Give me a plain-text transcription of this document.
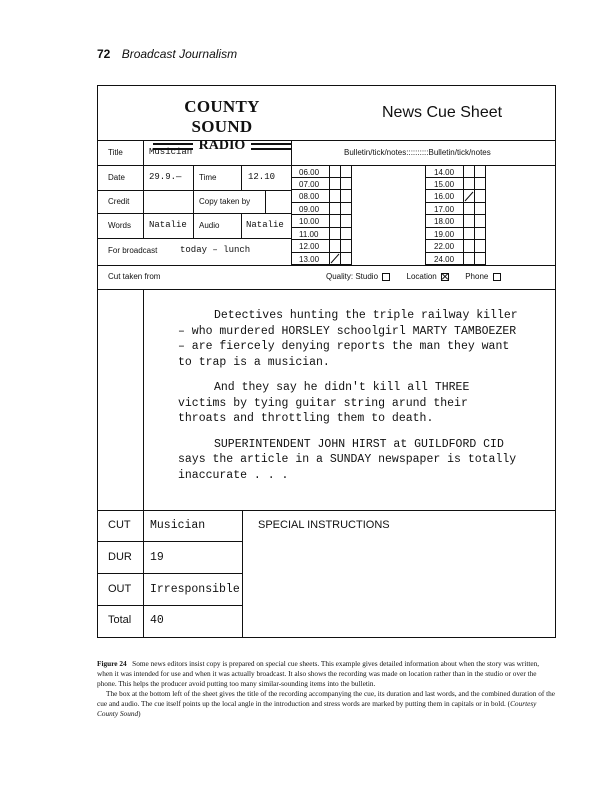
72 Broadcast Journalism
06.00
07.00
08.00
09.00
10.00
11.00
12.00
13.00
14.00
15.00
16.00
17.00
18.00
19.00
22.00
24.00
COUNTY SOUND
RADIO
News Cue Sheet
Title	Musician	Bulletin/tick/notes::::::::::Bulletin/tick/notes
Date	29.9.— Time	12.10
Credit	Copy taken by
Words Natalie Audio	Natalie
For broadcast	today – lunch
Cut taken from	Quality: Studio	Location	Phone

Detectives hunting the triple railway killer – who murdered HORSLEY schoolgirl MARTY TAMBOEZER – are fiercely denying reports the man they want to trap is a musician.

And they say he didn't kill all THREE victims by tying guitar string arund their throats and throttling them to death.

SUPERINTENDENT JOHN HIRST at GUILDFORD CID says the article in a SUNDAY newspaper is totally inaccurate . . .

CUT Musician
DUR 19
OUT Irresponsible
Total 40
SPECIAL INSTRUCTIONS

Figure 24 Some news editors insist copy is prepared on special cue sheets. This example gives detailed information about when the story was written, when it was intended for use and when it was actually broadcast. It also shows the recording was made on location rather than in the studio or over the phone. This helps the producer avoid putting too many similar-sounding items into the bulletin.

The box at the bottom left of the sheet gives the title of the recording accompanying the cue, its duration and last words, and the combined duration of the cue and audio. The cue itself points up the local angle in the introduction and stress words are marked by putting them in capitals or in bold. (Courtesy County Sound)
